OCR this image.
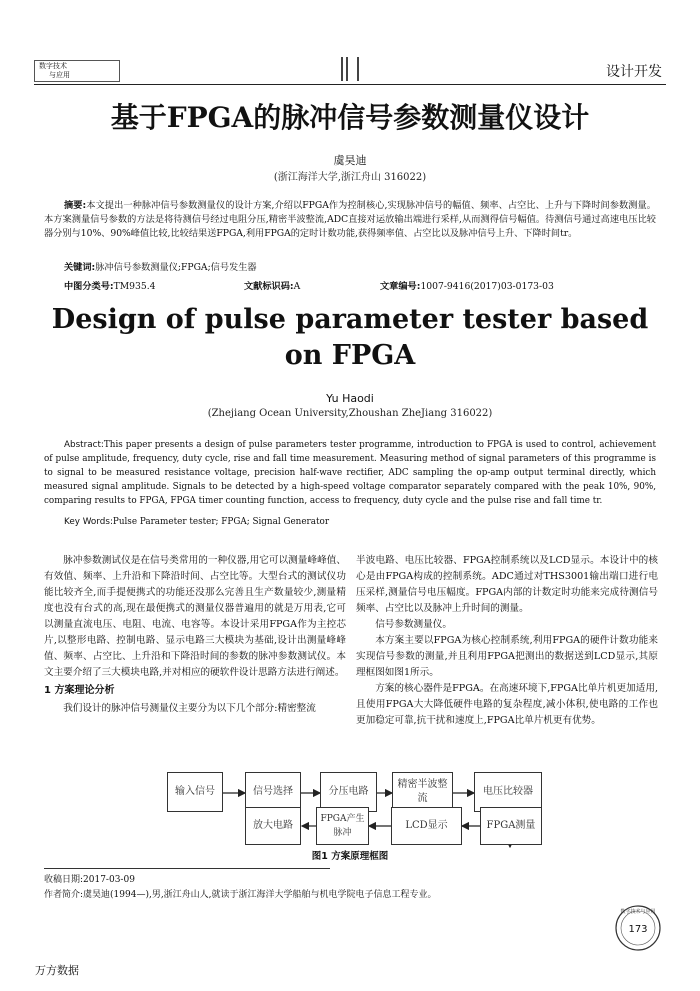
数字技术
与应用	设计开发
基于FPGA的脉冲信号参数测量仪设计
虞昊迪
(浙江海洋大学,浙江舟山 316022)
摘要:本文提出一种脉冲信号参数测量仪的设计方案,介绍以FPGA作为控制核心,实现脉冲信号的幅值、频率、占空比、上升与下降时间参数测量。本方案测量信号参数的方法是将待测信号经过电阻分压,精密半波整流,ADC直接对运放输出端进行采样,从而测得信号幅值。待测信号通过高速电压比较器分别与10%、90%峰值比较,比较结果送FPGA,利用FPGA的定时计数功能,获得频率值、占空比以及脉冲信号上升、下降时间tr。
关键词:脉冲信号参数测量仪;FPGA;信号发生器
中图分类号:TM935.4	文献标识码:A	文章编号:1007-9416(2017)03-0173-03
Design of pulse parameter tester based on FPGA
Yu Haodi
(Zhejiang Ocean University,Zhoushan ZheJiang 316022)
Abstract:This paper presents a design of pulse parameters tester programme, introduction to FPGA is used to control, achievement of pulse amplitude, frequency, duty cycle, rise and fall time measurement. Measuring method of signal parameters of this programme is to signal to be measured resistance voltage, precision half-wave rectifier, ADC sampling the op-amp output terminal directly, which measured signal amplitude. Signals to be detected by a high-speed voltage comparator separately compared with the peak 10%, 90%, comparing results to FPGA, FPGA timer counting function, access to frequency, duty cycle and the pulse rise and fall time tr.
Key Words:Pulse Parameter tester; FPGA; Signal Generator

脉冲参数测试仪是在信号类常用的一种仪器,用它可以测量峰峰值、有效值、频率、上升沿和下降沿时间、占空比等。大型台式的测试仪功能比较齐全,而手提便携式的功能还没那么完善且生产数量较少,测量精度也没有台式的高,现在最便携式的测量仪器普遍用的就是万用表,它可以测量直流电压、电阻、电流、电容等。本设计采用FPGA作为主控芯片,以整形电路、控制电路、显示电路三大模块为基础,设计出测量峰峰值、频率、占空比、上升沿和下降沿时间的参数的脉冲参数测试仪。本文主要介绍了三大模块电路,并对相应的硬软件设计思路方法进行阐述。

1 方案理论分析

我们设计的脉冲信号测量仪主要分为以下几个部分:精密整流

半波电路、电压比较器、FPGA控制系统以及LCD显示。本设计中的核心是由FPGA构成的控制系统。ADC通过对THS3001输出端口进行电压采样,测量信号电压幅度。FPGA内部的计数定时功能来完成待测信号频率、占空比以及脉冲上升时间的测量。

信号参数测量仪。

本方案主要以FPGA为核心控制系统,利用FPGA的硬件计数功能来实现信号参数的测量,并且利用FPGA把测出的数据送到LCD显示,其原理框图如图1所示。

方案的核心器件是FPGA。在高速环境下,FPGA比单片机更加适用,且使用FPGA大大降低硬件电路的复杂程度,减小体积,使电路的工作也更加稳定可靠,抗干扰和速度上,FPGA比单片机更有优势。

输入信号	信号选择	分压电路
精密半波整流
电压比较器
放大电路
FPGA产生脉冲
LCD显示	FPGA测量
图1 方案原理框图
收稿日期:2017-03-09
作者简介:虞昊迪(1994—),男,浙江舟山人,就读于浙江海洋大学船舶与机电学院电子信息工程专业。
数字技术与应用
173
万方数据
